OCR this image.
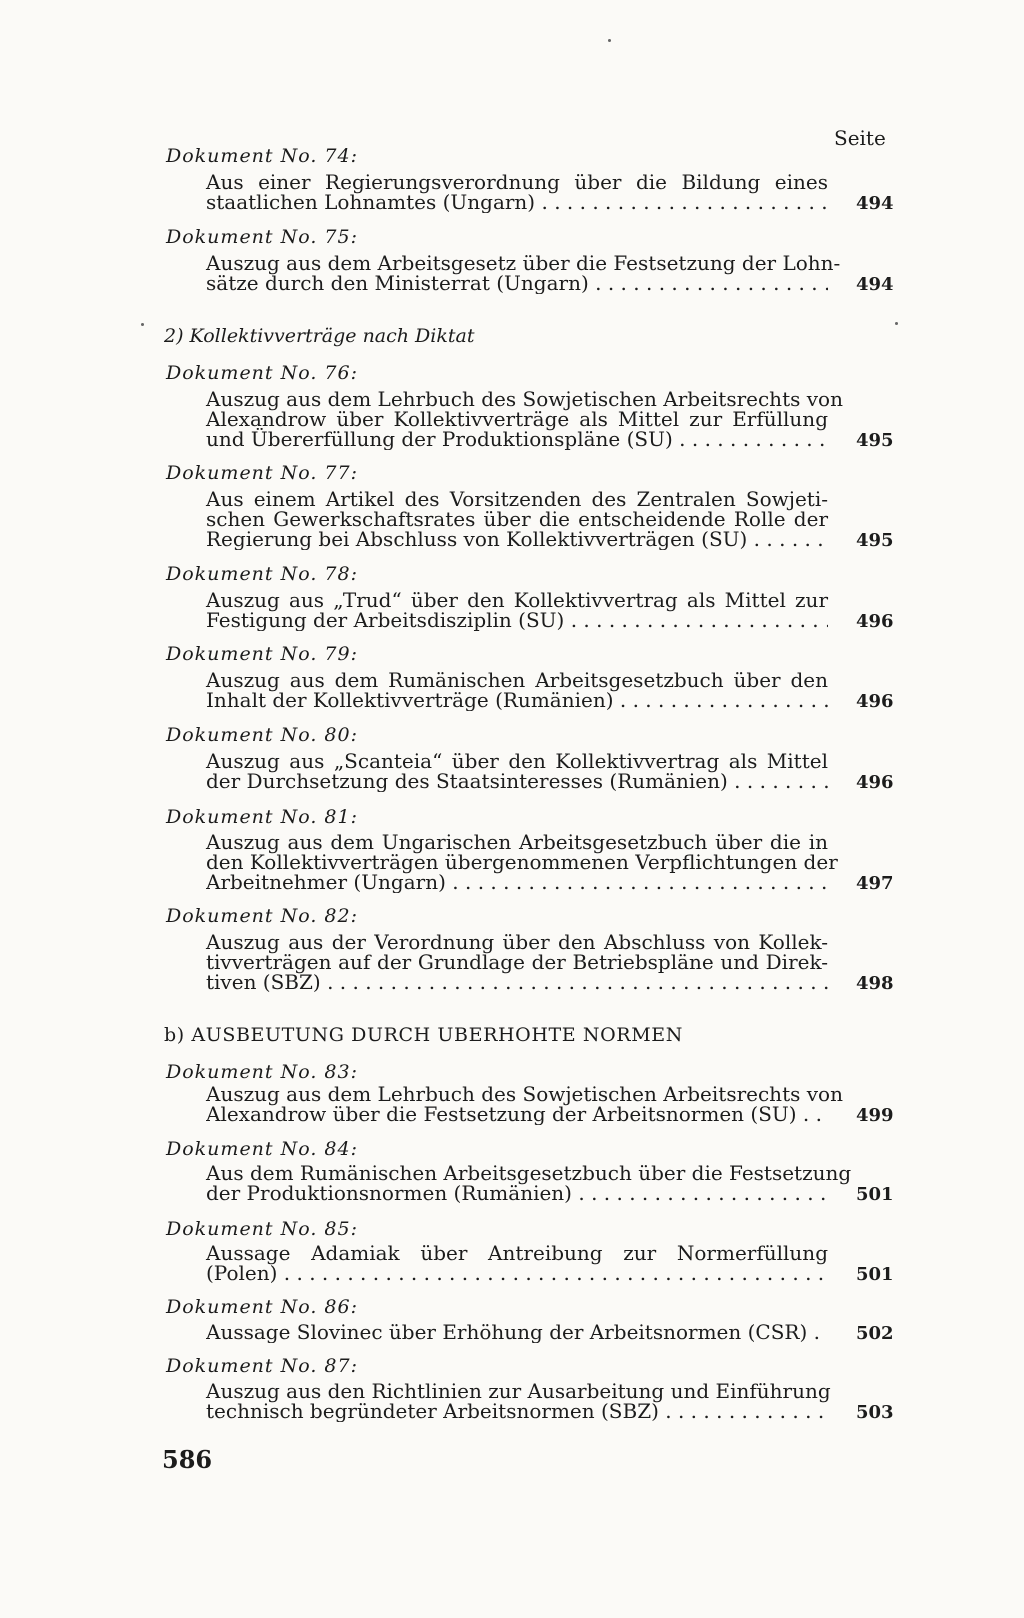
Seite
2) Kollektivverträge nach Diktat
b) AUSBEUTUNG DURCH UBERHOHTE NORMEN
Dokument No. 74:
Aus einer Regierungsverordnung über die Bildung eines
staatlichen Lohnamtes (Ungarn) . . .	494
Dokument No. 75:
Auszug aus dem Arbeitsgesetz über die Festsetzung der Lohn-
sätze durch den Ministerrat (Ungarn) . . .	494
Dokument No. 76:
Auszug aus dem Lehrbuch des Sowjetischen Arbeitsrechts von
Alexandrow über Kollektivverträge als Mittel zur Erfüllung
und Übererfüllung der Produktionspläne (SU) . . .	495
Dokument No. 77:
Aus einem Artikel des Vorsitzenden des Zentralen Sowjeti-
schen Gewerkschaftsrates über die entscheidende Rolle der
Regierung bei Abschluss von Kollektivverträgen (SU) . . .	495
Dokument No. 78:
Auszug aus „Trud“ über den Kollektivvertrag als Mittel zur
Festigung der Arbeitsdisziplin (SU) . . .	496
Dokument No. 79:
Auszug aus dem Rumänischen Arbeitsgesetzbuch über den
Inhalt der Kollektivverträge (Rumänien) . . .	496
Dokument No. 80:
Auszug aus „Scanteia“ über den Kollektivvertrag als Mittel
der Durchsetzung des Staatsinteresses (Rumänien) . . .	496
Dokument No. 81:
Auszug aus dem Ungarischen Arbeitsgesetzbuch über die in
den Kollektivverträgen übergenommenen Verpflichtungen der
Arbeitnehmer (Ungarn) . . .	497
Dokument No. 82:
Auszug aus der Verordnung über den Abschluss von Kollek-
tivverträgen auf der Grundlage der Betriebspläne und Direk-
tiven (SBZ) . . .	498
Dokument No. 83:
Auszug aus dem Lehrbuch des Sowjetischen Arbeitsrechts von
Alexandrow über die Festsetzung der Arbeitsnormen (SU) . . .	499
Dokument No. 84:
Aus dem Rumänischen Arbeitsgesetzbuch über die Festsetzung
der Produktionsnormen (Rumänien) . . .	501
Dokument No. 85:
Aussage Adamiak über Antreibung zur Normerfüllung
(Polen) . . .	501
Dokument No. 86:
Aussage Slovinec über Erhöhung der Arbeitsnormen (CSR) . . .	502
Dokument No. 87:
Auszug aus den Richtlinien zur Ausarbeitung und Einführung
technisch begründeter Arbeitsnormen (SBZ) . . .	503
586
